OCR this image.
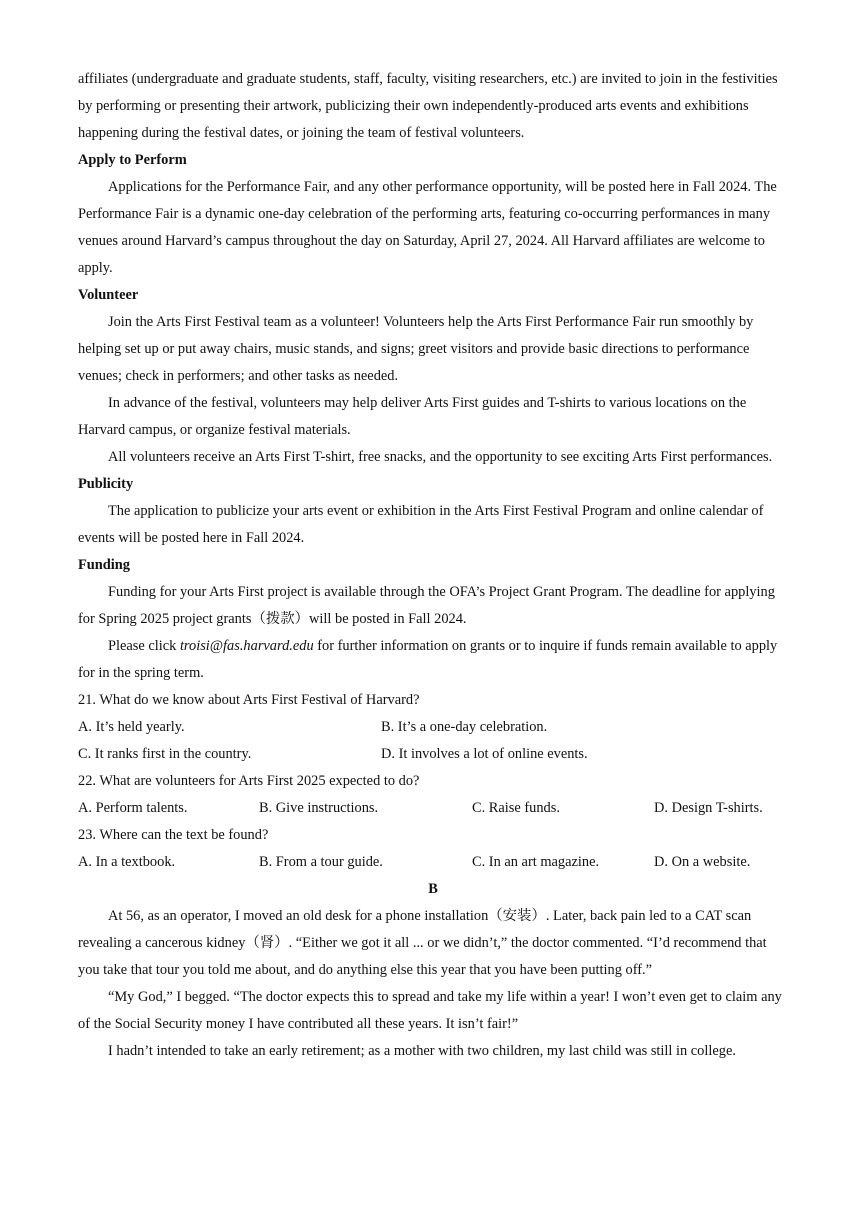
affiliates (undergraduate and graduate students, staff, faculty, visiting researchers, etc.) are invited to join in the festivities by performing or presenting their artwork, publicizing their own independently-produced arts events and exhibitions happening during the festival dates, or joining the team of festival volunteers.

Apply to Perform

Applications for the Performance Fair, and any other performance opportunity, will be posted here in Fall 2024. The Performance Fair is a dynamic one-day celebration of the performing arts, featuring co-occurring performances in many venues around Harvard’s campus throughout the day on Saturday, April 27, 2024. All Harvard affiliates are welcome to apply.

Volunteer

Join the Arts First Festival team as a volunteer! Volunteers help the Arts First Performance Fair run smoothly by helping set up or put away chairs, music stands, and signs; greet visitors and provide basic directions to performance venues; check in performers; and other tasks as needed.

In advance of the festival, volunteers may help deliver Arts First guides and T-shirts to various locations on the Harvard campus, or organize festival materials.

All volunteers receive an Arts First T-shirt, free snacks, and the opportunity to see exciting Arts First performances.

Publicity

The application to publicize your arts event or exhibition in the Arts First Festival Program and online calendar of events will be posted here in Fall 2024.

Funding

Funding for your Arts First project is available through the OFA’s Project Grant Program. The deadline for applying for Spring 2025 project grants（拨款）will be posted in Fall 2024.

Please click troisi@fas.harvard.edu for further information on grants or to inquire if funds remain available to apply for in the spring term.

21. What do we know about Arts First Festival of Harvard?

A. It’s held yearly.	B. It’s a one-day celebration.
C. It ranks first in the country.	D. It involves a lot of online events.

22. What are volunteers for Arts First 2025 expected to do?

A. Perform talents.	B. Give instructions.	C. Raise funds.	D. Design T-shirts.

23. Where can the text be found?

A. In a textbook.	B. From a tour guide.	C. In an art magazine.	D. On a website.

B

At 56, as an operator, I moved an old desk for a phone installation（安装）. Later, back pain led to a CAT scan revealing a cancerous kidney（肾）. “Either we got it all ... or we didn’t,” the doctor commented. “I’d recommend that you take that tour you told me about, and do anything else this year that you have been putting off.”

“My God,” I begged. “The doctor expects this to spread and take my life within a year! I won’t even get to claim any of the Social Security money I have contributed all these years. It isn’t fair!”

I hadn’t intended to take an early retirement; as a mother with two children, my last child was still in college.
